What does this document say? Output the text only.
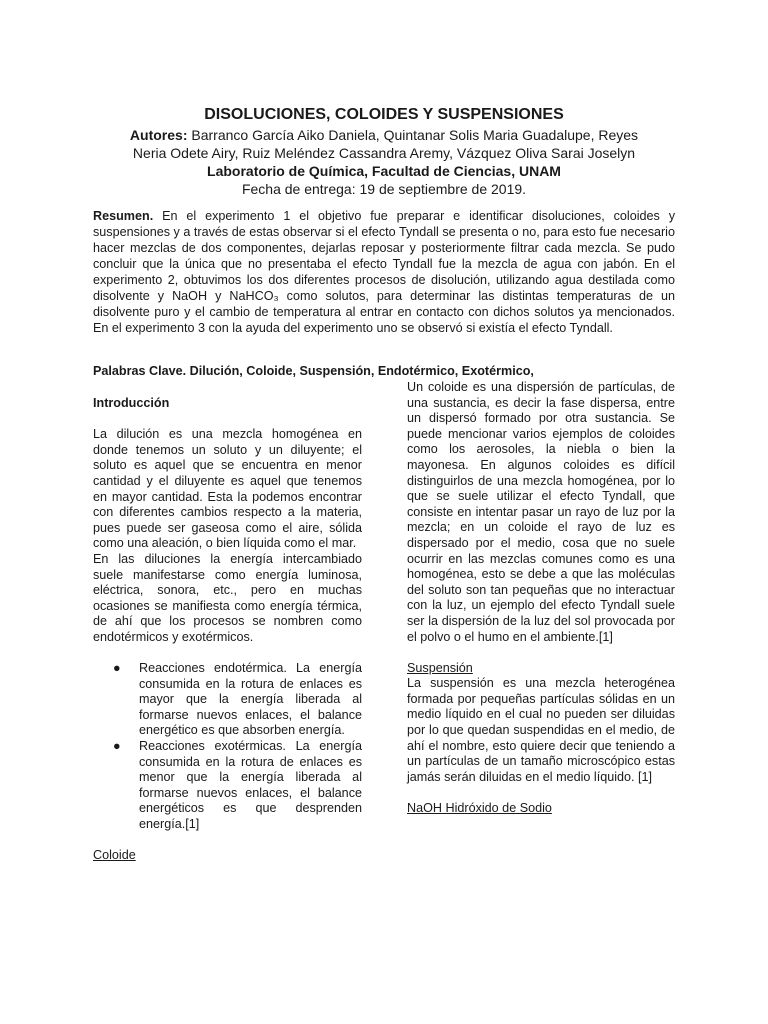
DISOLUCIONES, COLOIDES Y SUSPENSIONES

Autores: Barranco García Aiko Daniela, Quintanar Solis Maria Guadalupe, Reyes
Neria Odete Airy, Ruiz Meléndez Cassandra Aremy, Vázquez Oliva Sarai Joselyn
Laboratorio de Química, Facultad de Ciencias, UNAM
Fecha de entrega: 19 de septiembre de 2019.

Resumen. En el experimento 1 el objetivo fue preparar e identificar disoluciones, coloides y suspensiones y a través de estas observar si el efecto Tyndall se presenta o no, para esto fue necesario hacer mezclas de dos componentes, dejarlas reposar y posteriormente filtrar cada mezcla. Se pudo concluir que la única que no presentaba el efecto Tyndall fue la mezcla de agua con jabón. En el experimento 2, obtuvimos los dos diferentes procesos de disolución, utilizando agua destilada como disolvente y NaOH y NaHCO₃ como solutos, para determinar las distintas temperaturas de un disolvente puro y el cambio de temperatura al entrar en contacto con dichos solutos ya mencionados. En el experimento 3 con la ayuda del experimento uno se observó si existía el efecto Tyndall.

Palabras Clave. Dilución, Coloide, Suspensión, Endotérmico, Exotérmico,

Introducción

La dilución es una mezcla homogénea en donde tenemos un soluto y un diluyente; el soluto es aquel que se encuentra en menor cantidad y el diluyente es aquel que tenemos en mayor cantidad. Esta la podemos encontrar con diferentes cambios respecto a la materia, pues puede ser gaseosa como el aire, sólida como una aleación, o bien líquida como el mar.

En las diluciones la energía intercambiado suele manifestarse como energía luminosa, eléctrica, sonora, etc., pero en muchas ocasiones se manifiesta como energía térmica, de ahí que los procesos se nombren como endotérmicos y exotérmicos.

● Reacciones endotérmica. La energía consumida en la rotura de enlaces es mayor que la energía liberada al formarse nuevos enlaces, el balance energético es que absorben energía.
● Reacciones exotérmicas. La energía consumida en la rotura de enlaces es menor que la energía liberada al formarse nuevos enlaces, el balance energéticos es que desprenden energía.[1]

Coloide

Un coloide es una dispersión de partículas, de una sustancia, es decir la fase dispersa, entre un dispersó formado por otra sustancia. Se puede mencionar varios ejemplos de coloides como los aerosoles, la niebla o bien la mayonesa. En algunos coloides es difícil distinguirlos de una mezcla homogénea, por lo que se suele utilizar el efecto Tyndall, que consiste en intentar pasar un rayo de luz por la mezcla; en un coloide el rayo de luz es dispersado por el medio, cosa que no suele ocurrir en las mezclas comunes como es una homogénea, esto se debe a que las moléculas del soluto son tan pequeñas que no interactuar con la luz, un ejemplo del efecto Tyndall suele ser la dispersión de la luz del sol provocada por el polvo o el humo en el ambiente.[1]

Suspensión

La suspensión es una mezcla heterogénea formada por pequeñas partículas sólidas en un medio líquido en el cual no pueden ser diluidas por lo que quedan suspendidas en el medio, de ahí el nombre, esto quiere decir que teniendo a un partículas de un tamaño microscópico estas jamás serán diluidas en el medio líquido. [1]

NaOH Hidróxido de Sodio
